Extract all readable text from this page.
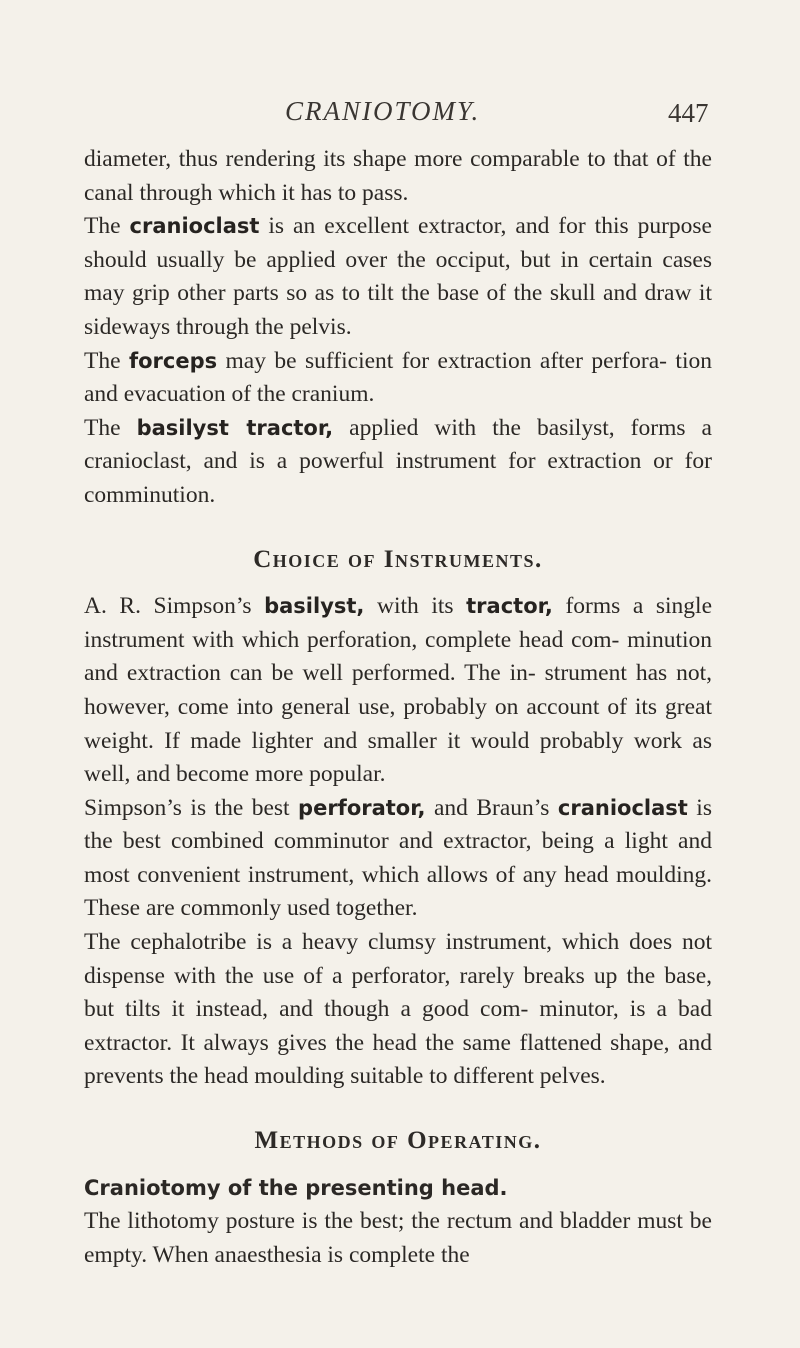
CRANIOTOMY.	447

diameter, thus rendering its shape more comparable to that of the canal through which it has to pass.

The cranioclast is an excellent extractor, and for this purpose should usually be applied over the occiput, but in certain cases may grip other parts so as to tilt the base of the skull and draw it sideways through the pelvis.

The forceps may be sufficient for extraction after perfora- tion and evacuation of the cranium.

The basilyst tractor, applied with the basilyst, forms a cranioclast, and is a powerful instrument for extraction or for comminution.

Choice of Instruments.

A. R. Simpson’s basilyst, with its tractor, forms a single instrument with which perforation, complete head com- minution and extraction can be well performed. The in- strument has not, however, come into general use, probably on account of its great weight. If made lighter and smaller it would probably work as well, and become more popular.

Simpson’s is the best perforator, and Braun’s cranioclast is the best combined comminutor and extractor, being a light and most convenient instrument, which allows of any head moulding. These are commonly used together.

The cephalotribe is a heavy clumsy instrument, which does not dispense with the use of a perforator, rarely breaks up the base, but tilts it instead, and though a good com- minutor, is a bad extractor. It always gives the head the same flattened shape, and prevents the head moulding suitable to different pelves.

Methods of Operating.

Craniotomy of the presenting head.

The lithotomy posture is the best; the rectum and bladder must be empty. When anaesthesia is complete the
